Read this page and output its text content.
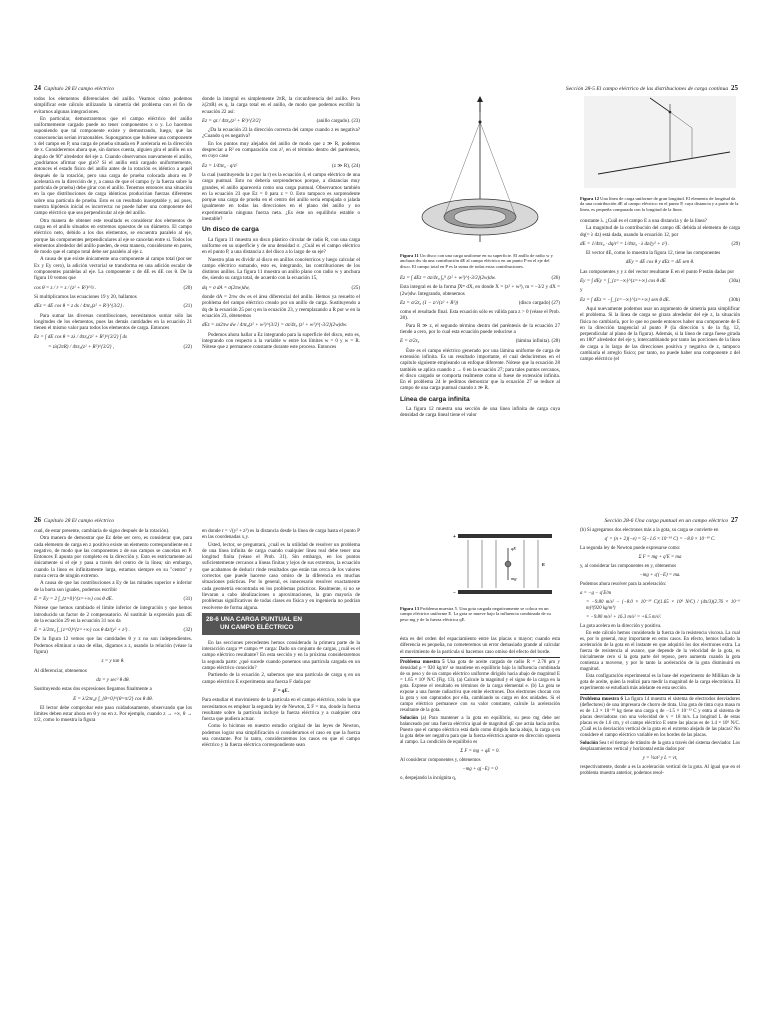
24 Capítulo 28 El campo eléctrico

todos los elementos diferenciales del anillo. Veamos cómo podemos simplificar este cálculo utilizando la simetría del problema con el fin de evitarnos algunas integraciones.

En particular, demostraremos que el campo eléctrico del anillo uniformemente cargado puede no tener componentes x o y. Lo hacemos suponiendo que tal componente existe y demostrando, luego, que las consecuencias serían irrazonables. Supongamos que hubiese una componente x del campo en P, una carga de prueba situada en P aceleraría en la dirección de x. Consideremos ahora que, sin darnos cuenta, alguien gira el anillo en un ángulo de 90° alrededor del eje z. Cuando observamos nuevamente el anillo, ¿podríamos afirmar que giró? Si el anillo está cargado uniformemente, entonces el estado físico del anillo antes de la rotación es idéntico a aquél después de la rotación, pero una carga de prueba colocada ahora en P aceleraría en la dirección de y, a causa de que el campo (y la fuerza sobre la partícula de prueba) debe girar con el anillo. Tenemos entonces una situación en la que distribuciones de carga idénticas producirían fuerzas diferentes sobre una partícula de prueba. Esto es un resultado inaceptable y, así pues, nuestra hipótesis inicial es incorrecta: no puede haber una componente del campo eléctrico que sea perpendicular al eje del anillo.

Otra manera de obtener este resultado es considerar dos elementos de carga en el anillo situados en extremos opuestos de un diámetro. El campo eléctrico neto, debido a los dos elementos, se encuentra paralelo al eje, porque las componentes perpendiculares al eje se cancelan entre sí. Todos los elementos alrededor del anillo pueden, de esta manera, considerarse en pares, de modo que el campo total debe ser paralelo al eje z.

A causa de que existe únicamente una componente al campo total (por ser Ex y Ey cero), la adición vectorial se transforma en una adición escalar de componentes paralelas al eje. La componente z de dE es dE cos θ. De la figura 10 vemos que

cos θ = z / r = z / (z² + R²)^½ .	(20)

Si multiplicamos las ecuaciones 19 y 20, hallamos

dEz = dE cos θ = z ds / 4πε₀(z² + R²)^{3/2} .	(21)

Para sumar las diversas contribuciones, necesitamos sumar sólo las longitudes de los elementos, pues las demás cantidades en la ecuación 21 tienen el mismo valor para todos los elementos de carga. Entonces

Ez = ∫ dE cos θ = zλ / 4πε₀(z² + R²)^{3/2} ∫ ds
= zλ(2πR) / 4πε₀(z² + R²)^{3/2} ,	(22)

donde la integral es simplemente 2πR, la circunferencia del anillo. Pero λ(2πR) es q, la carga total en el anillo, de modo que podemos escribir la ecuación 22 así:

Ez = qz / 4πε₀(z² + R²)^{3/2}	(anillo cargado). (23)

¿Da la ecuación 23 la dirección correcta del campo cuando z es negativa? ¿Cuando q es negativa?

En los puntos muy alejados del anillo de modo que z ≫ R, podemos despreciar a R² en comparación con z², en el término dentro del paréntesis, en cuyo caso

Ez = 1/4πε₀ · q/z²	(z ≫ R), (24)

la cual (sustituyendo la z por la r) es la ecuación 4, el campo eléctrico de una carga puntual. Esto no debería sorprendernos porque, a distancias muy grandes, el anillo aparecería como una carga puntual. Observamos también en la ecuación 23 que Ez = 0 para z = 0. Esto tampoco es sorprendente porque una carga de prueba en el centro del anillo sería empujada o jalada igualmente en todas las direcciones en el plano del anillo y no experimentaría ninguna fuerza neta. ¿Es éste un equilibrio estable o inestable?

Un disco de carga

La figura 11 muestra un disco plástico circular de radio R, con una carga uniforme en su superficie y de una densidad σ. ¿Cuál es el campo eléctrico en el punto P, a una distancia z del disco a lo largo de su eje?

Nuestro plan es dividir al disco en anillos concéntricos y luego calcular el campo eléctrico sumando, esto es, integrando, las contribuciones de los distintos anillos. La figura 11 muestra un anillo plano con radio w y anchura dw, siendo su carga total, de acuerdo con la ecuación 15,

dq = σ dA = σ(2πw)dw,	(25)

donde dA = 2πw dw es el área diferencial del anillo. Hemos ya resuelto el problema del campo eléctrico creado por un anillo de carga. Sustituyendo a dq de la ecuación 25 por q en la ecuación 23, y reemplazando a R por w en la ecuación 23, obtenemos

dEz = zσ2πw dw / 4πε₀(z² + w²)^{3/2} = σz/4ε₀ (z² + w²)^{-3/2}(2w)dw.

Podemos ahora hallar a Ez integrando para la superficie del disco, esto es, integrando con respecto a la variable w entre los límites w = 0 y w = R. Nótese que z permanece constante durante este proceso. Entonces

Sección 28-5 El campo eléctrico de las distribuciones de carga continua 25
Figura 11 Un disco con una carga uniforme en su superficie. El anillo de radio w y anchura dw da una contribución dE al campo eléctrico en un punto P en el eje del disco. El campo total en P es la suma de todas estas contribuciones.
Figura 12 Una línea de carga uniforme de gran longitud. El elemento de longitud dz da una contribución dE al campo eléctrico en el punto P, cuya distancia y a partir de la línea, es pequeña comparada con la longitud de la línea.
Ez = ∫ dEz = σz/4ε₀ ∫₀ᴿ (z² + w²)^{-3/2}(2w)dw.	(26)

Esta integral es de la forma ∫Xᵐ dX, en donde X = (z² + w²), m = −3/2 y dX = (2w)dw. Integrando, obtenemos

Ez = σ/2ε₀ (1 − z/√(z² + R²))	(disco cargado) (27)

como el resultado final. Esta ecuación sólo es válida para z > 0 (véase el Prob. 28).

Para R ≫ z, el segundo término dentro del paréntesis de la ecuación 27 tiende a cero, por lo cual esta ecuación puede reducirse a

E = σ/2ε₀	(lámina infinita). (28)

Éste es el campo eléctrico generado por una lámina uniforme de carga de extensión infinita. Es un resultado importante, el cual deduciremos en el capítulo siguiente empleando un enfoque diferente. Nótese que la ecuación 28 también se aplica cuando z → 0 en la ecuación 27; para tales puntos cercanos, el disco cargado se comporta realmente como si fuese de extensión infinita. En el problema 24 le pedimos demostrar que la ecuación 27 se reduce al campo de una carga puntual cuando z ≫ R.

Línea de carga infinita

La figura 12 muestra una sección de una línea infinita de carga cuya densidad de carga lineal tiene el valor

constante λ. ¿Cuál es el campo E a una distancia y de la línea?

La magnitud de la contribución del campo dE debida al elemento de carga dq(= λ dz) está dada, usando la ecuación 12, por

dE = 1/4πε₀ · dq/r² = 1/4πε₀ · λ dz/(y² + z²) .	(29)

El vector dE, como lo muestra la figura 12, tiene las componentes

dEy = dE cos θ y dEz = dE sen θ.

Las componentes y y z del vector resultante E en el punto P están dadas por

Ey = ∫ dEy = ∫_{z=−∞}^{z=+∞} cos θ dE	(30a)

y

Ez = ∫ dEz = −∫_{z=−∞}^{z=+∞} sen θ dE.	(30b)

Aquí nuevamente podemos usar un argumento de simetría para simplificar el problema. Si la línea de carga se girara alrededor del eje z, la situación física no cambiaría, por lo que no puede entonces haber una componente de E en la dirección tangencial al punto P (la dirección x de la fig. 12, perpendicular al plano de la figura). Además, si la línea de carga fuese girada en 180° alrededor del eje y, intercambiando por tanto las porciones de la línea de carga a lo largo de las direcciones positiva y negativa de z, tampoco cambiaría el arreglo físico; por tanto, no puede haber una componente z del campo eléctrico (el

26 Capítulo 28 El campo eléctrico

cual, de estar presente, cambiaría de signo después de la rotación).

Otra manera de demostrar que Ez debe ser cero, es considerar que, para cada elemento de carga en z positivo existe un elemento correspondiente en z negativo, de modo que las componentes z de sus campos se cancelan en P. Entonces E apunta por completo en la dirección y. Esto es estrictamente así únicamente si el eje y pasa a través del centro de la línea; sin embargo, cuando la línea es infinitamente larga, estamos siempre en su "centro" y nunca cerca de ningún extremo.

A causa de que las contribuciones a Ey de las mitades superior e inferior de la barra son iguales, podemos escribir

E = Ey = 2 ∫_{z=0}^{z=+∞} cos θ dE.	(31)

Nótese que hemos cambiado el límite inferior de integración y que hemos introducido un factor de 2 compensatorio. Al sustituir la expresión para dE de la ecuación 29 en la ecuación 31 nos da

E = λ/2πε₀ ∫_{z=0}^{z=+∞} cos θ dz/(y² + z²) .	(32)

De la figura 12 vemos que las cantidades θ y z no son independientes. Podemos eliminar a una de ellas, digamos a z, usando la relación (véase la figura)

z = y tan θ.

Al diferenciar, obtenemos

dz = y sec² θ dθ.

Sustituyendo estas dos expresiones llegamos finalmente a

E = λ/2πε₀y ∫_{θ=0}^{θ=π/2} cos θ dθ.

El lector debe comprobar este paso cuidadosamente, observando que los límites deben estar ahora en θ y no en z. Por ejemplo, cuando z → +∞, θ → π/2, como lo muestra la figura

en donde r = √(y² + z²) es la distancia desde la línea de carga hasta el punto P en las coordenadas x,y.

Usted, lector, se preguntará, ¿cuál es la utilidad de resolver un problema de una línea infinita de carga cuando cualquier línea real debe tener una longitud finita (véase el Prob. 31). Sin embargo, en los puntos suficientemente cercanos a líneas finitas y lejos de sus extremos, la ecuación que acabamos de deducir rinde resultados que están tan cerca de los valores correctos que puede hacerse caso omiso de la diferencia en muchas situaciones prácticas. Por lo general, es innecesario resolver exactamente cada geometría encontrada en los problemas prácticos. Realmente, si no se llevaran a cabo idealizaciones o aproximaciones, la gran mayoría de problemas significativos de todas clases en física y en ingeniería no podrían resolverse de forma alguna.

28-6 UNA CARGA PUNTUAL EN
UN CAMPO ELÉCTRICO

En las secciones precedentes hemos considerado la primera parte de la interacción carga ⇌ campo ⇌ carga: Dado un conjunto de cargas, ¿cuál es el campo eléctrico resultante? En esta sección y en la próxima consideraremos la segunda parte: ¿qué sucede cuando ponemos una partícula cargada en un campo eléctrico conocido?

Partiendo de la ecuación 2, sabemos que una partícula de carga q en un campo eléctrico E experimenta una fuerza F dada por

F = qE.

Para estudiar el movimiento de la partícula en el campo eléctrico, todo lo que necesitamos es emplear la segunda ley de Newton, Σ F = ma, donde la fuerza resultante sobre la partícula incluye la fuerza eléctrica y a cualquier otra fuerza que pudiera actuar.

Como lo hicimos en nuestro estudio original de las leyes de Newton, podemos lograr una simplificación si consideramos el caso en que la fuerza sea constante. Por lo tanto, consideraremos los casos en que el campo eléctrico y la fuerza eléctrica correspondiente sean

Sección 28-6 Una carga puntual en un campo eléctrico 27
+
−
qE
mg
E
Figura 13 Problema muestra 5. Una gota cargada negativamente se coloca en un campo eléctrico uniforme E. La gota se mueve bajo la influencia combinada de su peso mg y de la fuerza eléctrica qE.

ésta es del orden del espaciamiento entre las placas o mayor; cuando esta diferencia es pequeña, no cometeremos un error demasiado grande al calcular el movimiento de la partícula si hacemos caso omiso del efecto del borde.

Problema muestra 5 Una gota de aceite cargada de radio R = 2.76 μm y densidad ρ = 920 kg/m³ se mantiene en equilibrio bajo la influencia combinada de su peso y de un campo eléctrico uniforme dirigido hacia abajo de magnitud E = 1.65 × 10⁶ N/C (Fig. 13). (a) Calcule la magnitud y el signo de la carga en la gota. Exprese el resultado en términos de la carga elemental e. (b) La gota se expone a una fuente radiactiva que emite electrones. Dos electrones chocan con la gota y son capturados por ella, cambiando su carga en dos unidades. Si el campo eléctrico permanece con su valor constante, calcule la aceleración resultante de la gota.
Solución (a) Para mantener a la gota en equilibrio, su peso mg debe ser balanceado por una fuerza eléctrica igual de magnitud qE que actúa hacia arriba. Puesto que el campo eléctrico está dado como dirigido hacia abajo, la carga q en la gota debe ser negativa para que la fuerza eléctrica apunte en dirección opuesta al campo. La condición de equilibrio es
Σ F = mg + qE = 0.
Al considerar componentes y, obtenemos
−mg + q(−E) = 0
o, despejando la incógnita q,

(b) Si agregamos dos electrones más a la gota, su carga se convierte en

q′ = (n + 2)(−e) = 5(−1.6 × 10⁻¹⁹ C) = −8.0 × 10⁻¹⁹ C.

La segunda ley de Newton puede expresarse como:

Σ F = mg + q′E = ma

y, al considerar las componentes en y, obtenemos

−mg + q′(−E) = ma.

Podemos ahora resolver para la aceleración:

a = −g − q′E/m
= −9.80 m/s² − (−8.0 × 10⁻¹⁹ C)(1.65 × 10⁶ N/C) / (4π/3)(2.76 × 10⁻⁶ m)³(920 kg/m³)
= −9.80 m/s² + 16.3 m/s² = +6.5 m/s².

La gota acelera en la dirección y positiva.

En este cálculo hemos considerado la fuerza de la resistencia viscosa. La cual es, por lo general, muy importante en estos casos. En efecto, hemos hallado la aceleración de la gota en el instante en que adquirió los dos electrones extra. La fuerza de resistencia al avance, que depende de la velocidad de la gota, es inicialmente cero si la gota parte del reposo, pero aumenta cuando la gota comienza a moverse, y por lo tanto la aceleración de la gota disminuirá en magnitud.

Esta configuración experimental es la base del experimento de Millikan de la gota de aceite, quien la realizó para medir la magnitud de la carga electrónica. El experimento se estudiará más adelante en esta sección.

Problema muestra 6 La figura 14 muestra el sistema de electrodos desviadores (deflectores) de una impresora de chorro de tinta. Una gota de tinta cuya masa m es de 1.3 × 10⁻¹⁰ kg tiene una carga q de −1.5 × 10⁻¹³ C y entra al sistema de placas desviadoras con una velocidad de v = 18 m/s. La longitud L de estas placas es de 1.6 cm, y el campo eléctrico E entre las placas es de 1.4 × 10⁶ N/C. ¿Cuál es la desviación vertical de la gota en el extremo alejado de las placas? No considere el campo eléctrico variable en los bordes de las placas.
Solución Sea t el tiempo de tránsito de la gota a través del sistema desviador. Los desplazamientos vertical y horizontal están dados por
y = ½at² y L = vt,

respectivamente, donde a es la aceleración vertical de la gota. Al igual que en el problema muestra anterior, podemos resol-
